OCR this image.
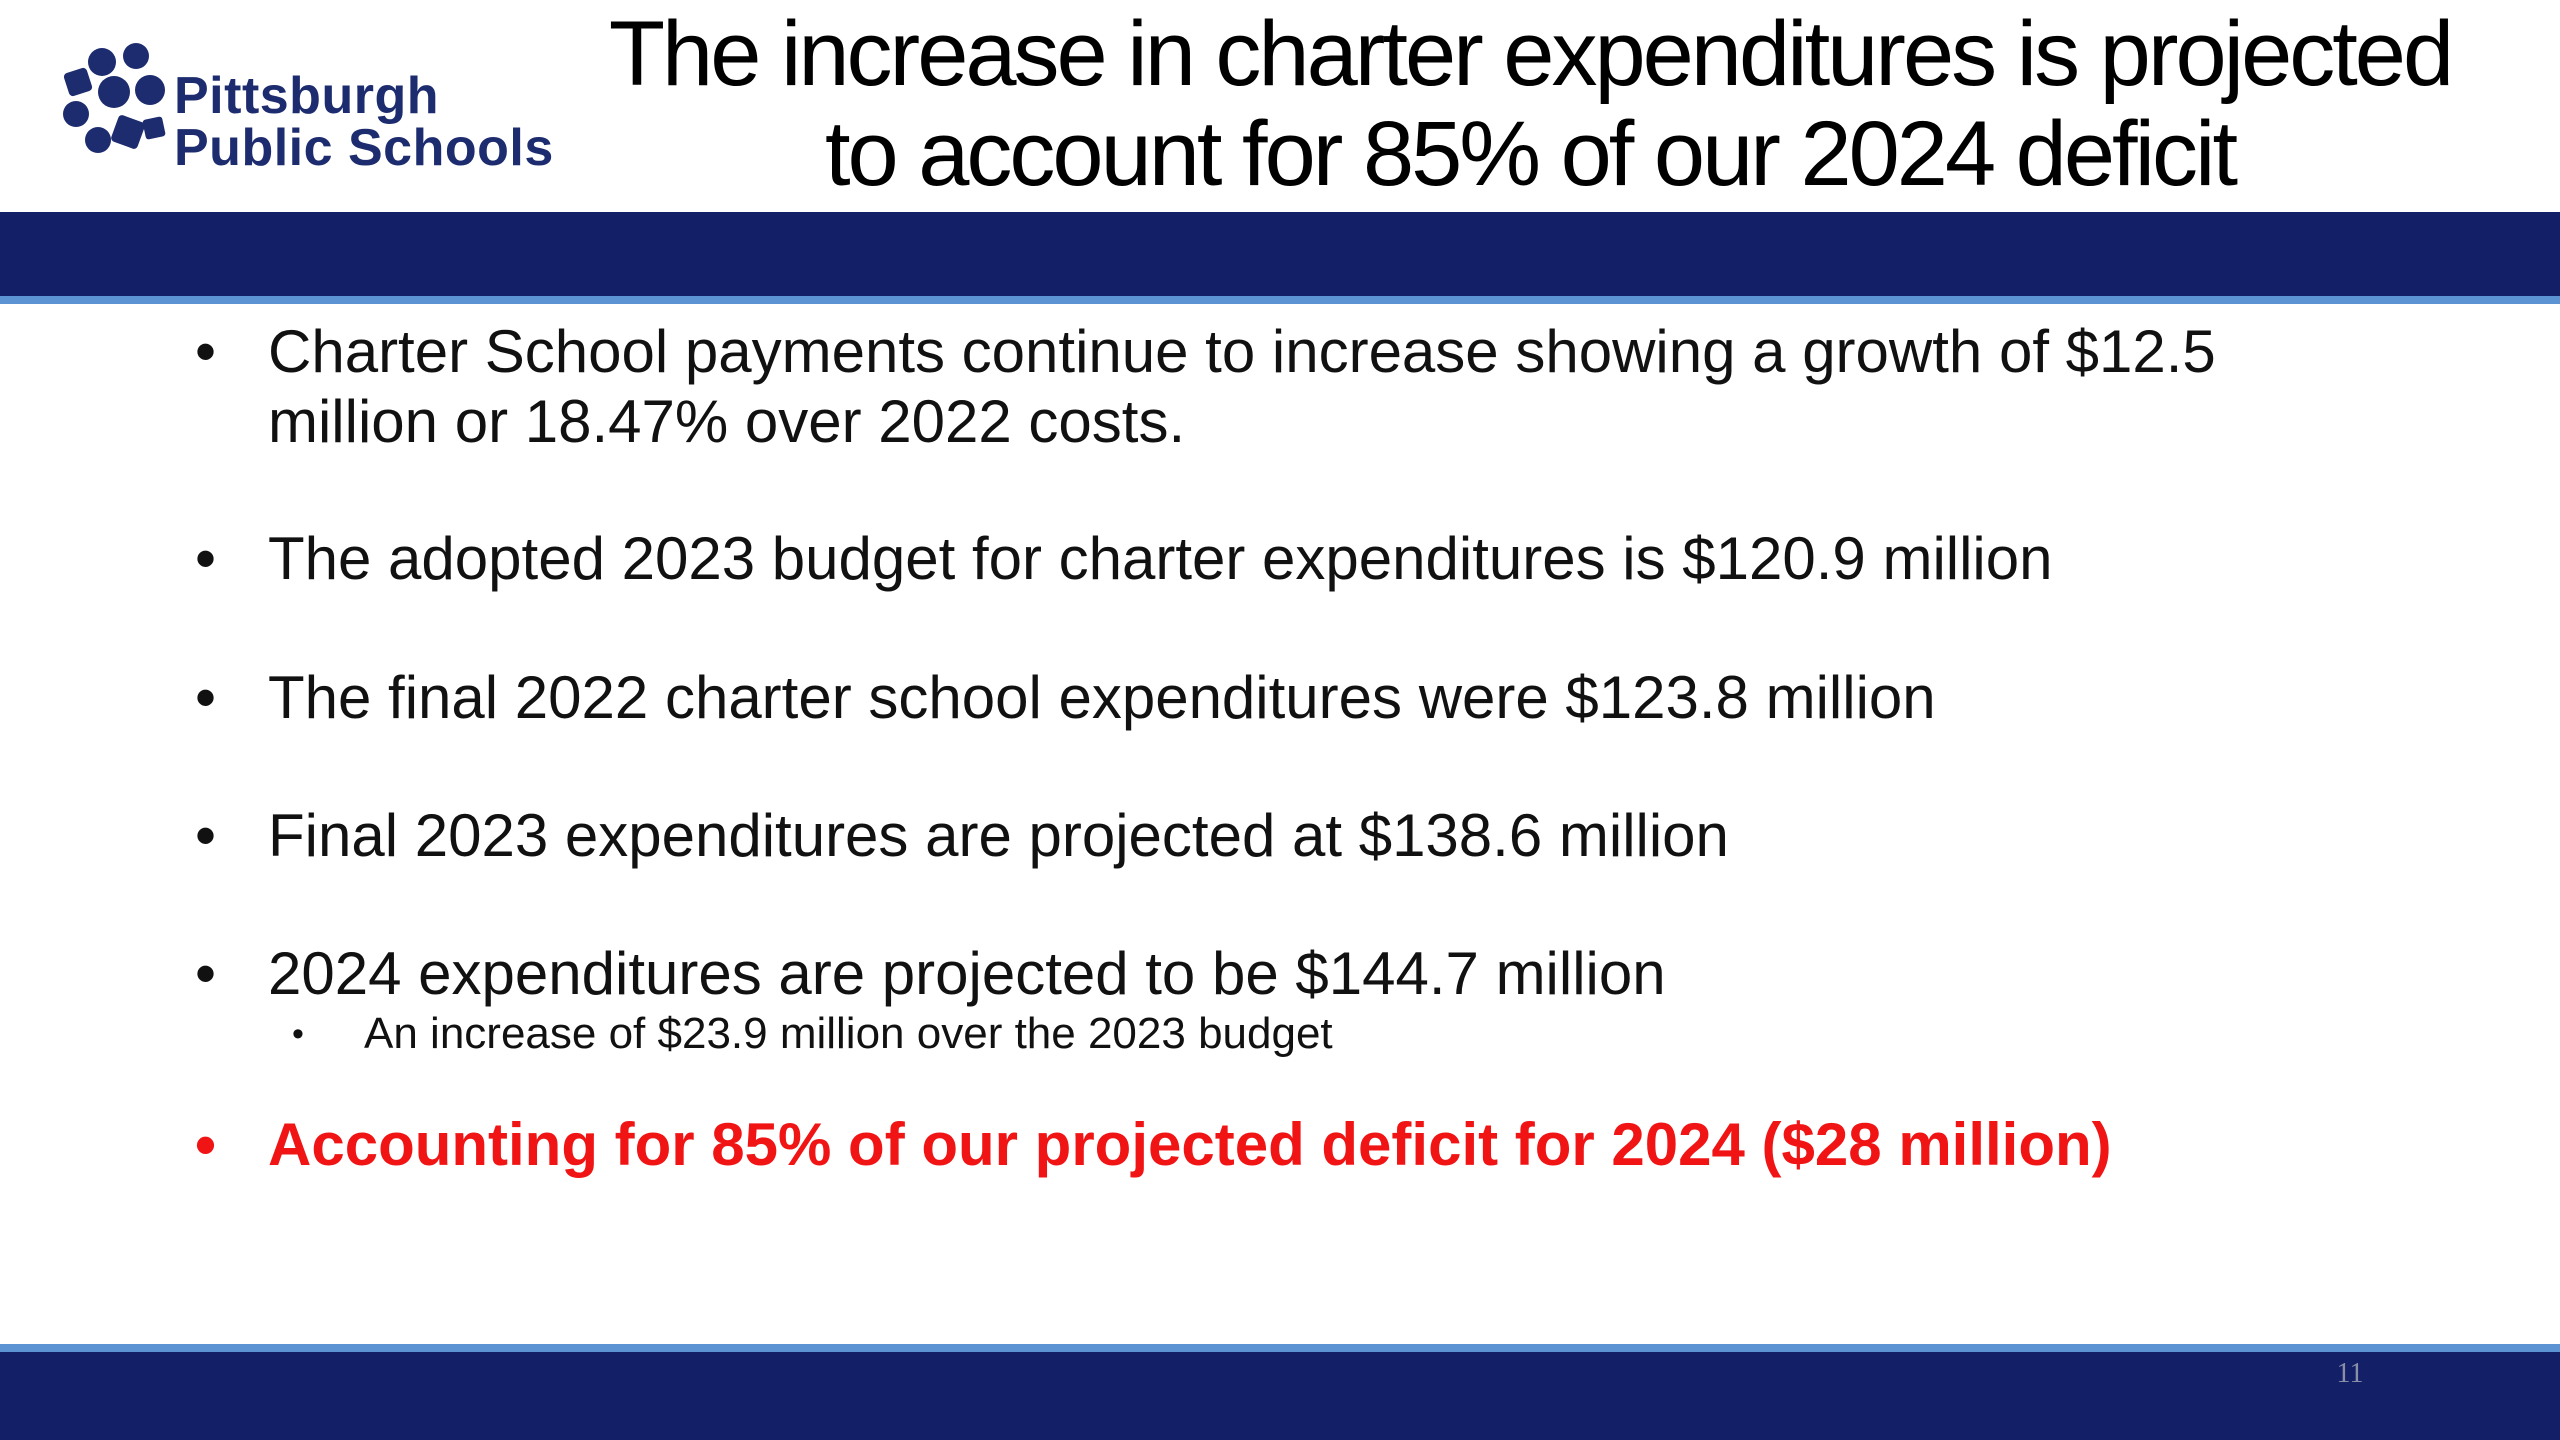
Pittsburgh
Public Schools
The increase in charter expenditures is projected
to account for 85% of our 2024 deficit
• Charter School payments continue to increase showing a growth of $12.5
million or 18.47% over 2022 costs.
• The adopted 2023 budget for charter expenditures is $120.9 million
• The final 2022 charter school expenditures were $123.8 million
• Final 2023 expenditures are projected at $138.6 million
• 2024 expenditures are projected to be $144.7 million
• An increase of $23.9 million over the 2023 budget
• Accounting for 85% of our projected deficit for 2024 ($28 million)
11
